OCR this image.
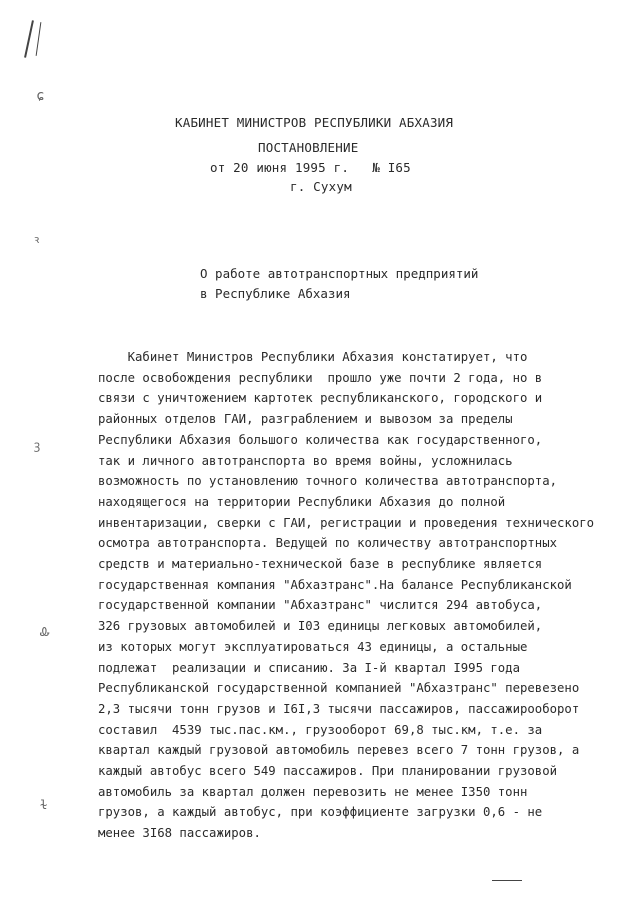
ɕ
ꝛ
ꝫ
Ꮂ
ɫ
КАБИНЕТ МИНИСТРОВ РЕСПУБЛИКИ АБХАЗИЯ
ПОСТАНОВЛЕНИЕ
от 20 июня 1995 г.   № I65
г. Сухум
О работе автотранспортных предприятий
в Республике Абхазия
Кабинет Министров Республики Абхазия констатирует, что
после освобождения республики  прошло уже почти 2 года, но в
связи с уничтожением картотек республиканского, городского и
районных отделов ГАИ, разграблением и вывозом за пределы
Республики Абхазия большого количества как государственного,
так и личного автотранспорта во время войны, усложнилась
возможность по установлению точного количества автотранспорта,
находящегося на территории Республики Абхазия до полной
инвентаризации, сверки с ГАИ, регистрации и проведения технического
осмотра автотранспорта. Ведущей по количеству автотранспортных
средств и материально-технической базе в республике является
государственная компания "Абхазтранс".На балансе Республиканской
государственной компании "Абхазтранс" числится 294 автобуса,
326 грузовых автомобилей и I03 единицы легковых автомобилей,
из которых могут эксплуатироваться 43 единицы, а остальные
подлежат  реализации и списанию. За I-й квартал I995 года
Республиканской государственной компанией "Абхазтранс" перевезено
2,3 тысячи тонн грузов и I6I,3 тысячи пассажиров, пассажирооборот
составил  4539 тыс.пас.км., грузооборот 69,8 тыс.км, т.е. за
квартал каждый грузовой автомобиль перевез всего 7 тонн грузов, а
каждый автобус всего 549 пассажиров. При планировании грузовой
автомобиль за квартал должен перевозить не менее I350 тонн
грузов, а каждый автобус, при коэффициенте загрузки 0,6 - не
менее 3I68 пассажиров.
